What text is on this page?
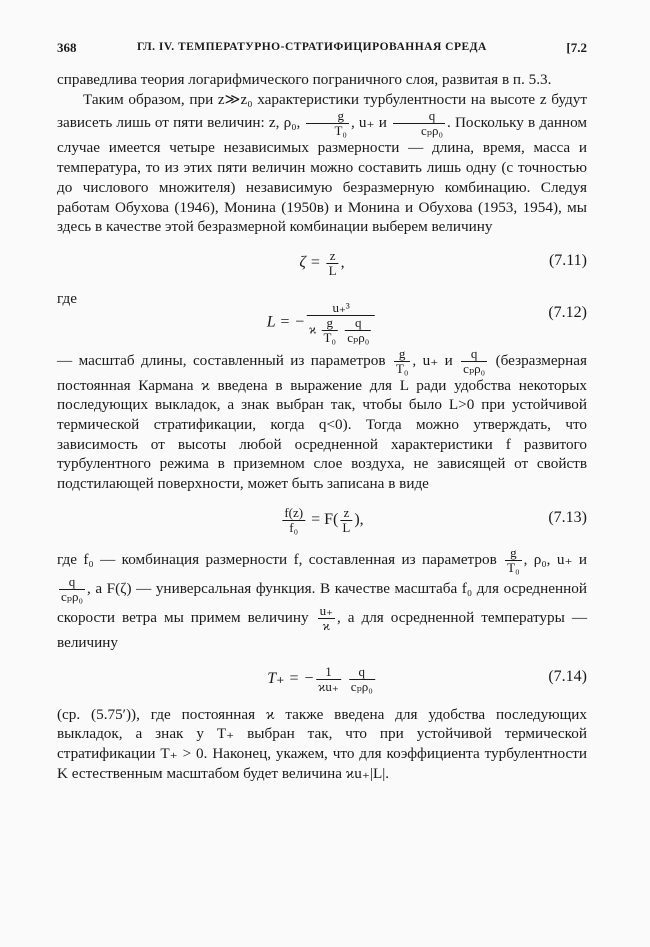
368	ГЛ. IV. ТЕМПЕРАТУРНО-СТРАТИФИЦИРОВАННАЯ СРЕДА	[7.2

справедлива теория логарифмического пограничного слоя, развитая в п. 5.3.

Таким образом, при z≫z₀ характеристики турбулентности на высоте z будут зависеть лишь от пяти величин: z, ρ₀, $\frac{g}{\text{T₀}}$ , u₊ и $\frac{q}{\text{cₚρ₀}}$ . Поскольку в данном случае имеется четыре независимых размерности — длина, время, масса и температура, то из этих пяти величин можно составить лишь одну (с точностью до числового множителя) независимую безразмерную комбинацию. Следуя работам Обухова (1946), Монина (1950в) и Монина и Обухова (1953, 1954), мы здесь в качестве этой безразмерной комбинации выберем величину

$\zeta = \frac{z}{L}$ ,	(7.11)

где

L = − u₊³
ϰ $\frac{g}{\text{T₀}}$
$\frac{q}{\text{cₚρ₀}}$	(7.12)

— масштаб длины, составленный из параметров $\frac{g}{\text{T₀}}$ , u₊ и $\frac{q}{\text{cₚρ₀}}$ (безразмерная постоянная Кармана ϰ введена в выражение для L ради удобства некоторых последующих выкладок, а знак выбран так, чтобы было L>0 при устойчивой термической стратификации, когда q<0). Тогда можно утверждать, что зависимость от высоты любой осредненной характеристики f развитого турбулентного режима в приземном слое воздуха, не зависящей от свойств подстилающей поверхности, может быть записана в виде

$\frac{f(z)}{\text{f₀}} = F( \frac{z}{L}$ ),	(7.13)

где f₀ — комбинация размерности f, составленная из параметров $\frac{g}{\text{T₀}}$ , ρ₀, u₊ и
$\frac{q}{\text{cₚρ₀}}$ , а F(ζ) — универсальная функция. В качестве масштаба f₀ для осредненной скорости ветра мы примем величину $\frac{u_+}{ϰ}$ , а для осредненной температуры — величину

T₊ = − $\frac{1}{ϰu_+}$
$\frac{q}{\text{cₚρ₀}}$	(7.14)

(ср. (5.75′)), где постоянная ϰ также введена для удобства последующих выкладок, а знак у T₊ выбран так, что при устойчивой термической стратификации T₊ > 0. Наконец, укажем, что для коэффициента турбулентности K естественным масштабом будет величина ϰu₊|L|.
